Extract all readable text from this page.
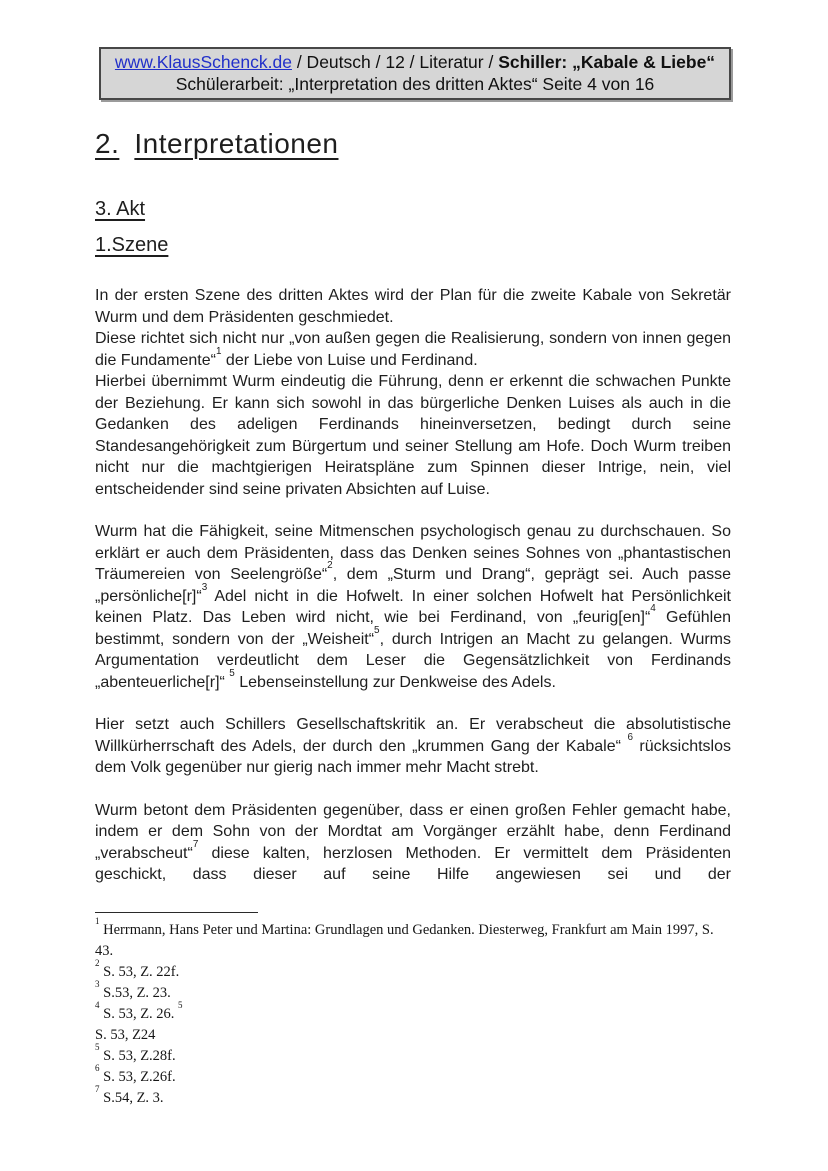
www.KlausSchenck.de / Deutsch / 12 / Literatur / Schiller: „Kabale & Liebe“
Schülerarbeit: „Interpretation des dritten Aktes“ Seite 4 von 16
2. Interpretationen
3. Akt
1.Szene
In der ersten Szene des dritten Aktes wird der Plan für die zweite Kabale von Sekretär Wurm und dem Präsidenten geschmiedet.
Diese richtet sich nicht nur „von außen gegen die Realisierung, sondern von innen gegen die Fundamente“$^1$ der Liebe von Luise und Ferdinand.
Hierbei übernimmt Wurm eindeutig die Führung, denn er erkennt die schwachen Punkte der Beziehung. Er kann sich sowohl in das bürgerliche Denken Luises als auch in die Gedanken des adeligen Ferdinands hineinversetzen, bedingt durch seine Standesangehörigkeit zum Bürgertum und seiner Stellung am Hofe. Doch Wurm treiben nicht nur die machtgierigen Heiratspläne zum Spinnen dieser Intrige, nein, viel entscheidender sind seine privaten Absichten auf Luise.
Wurm hat die Fähigkeit, seine Mitmenschen psychologisch genau zu durchschauen. So erklärt er auch dem Präsidenten, dass das Denken seines Sohnes von „phantastischen Träumereien von Seelengröße“$^2$, dem „Sturm und Drang“, geprägt sei. Auch passe „persönliche[r]“$^3$ Adel nicht in die Hofwelt. In einer solchen Hofwelt hat Persönlichkeit keinen Platz. Das Leben wird nicht, wie bei Ferdinand, von „feurig[en]“$^4$ Gefühlen bestimmt, sondern von der „Weisheit“$^5$, durch Intrigen an Macht zu gelangen. Wurms Argumentation verdeutlicht dem Leser die Gegensätzlichkeit von Ferdinands „abenteuerliche[r]“ $^5$ Lebenseinstellung zur Denkweise des Adels.
Hier setzt auch Schillers Gesellschaftskritik an. Er verabscheut die absolutistische Willkürherrschaft des Adels, der durch den „krummen Gang der Kabale“ $^6$ rücksichtslos dem Volk gegenüber nur gierig nach immer mehr Macht strebt.
Wurm betont dem Präsidenten gegenüber, dass er einen großen Fehler gemacht habe, indem er dem Sohn von der Mordtat am Vorgänger erzählt habe, denn Ferdinand „verabscheut“$^7$ diese kalten, herzlosen Methoden. Er vermittelt dem Präsidenten geschickt, dass dieser auf seine Hilfe angewiesen sei und der
$^1$ Herrmann, Hans Peter und Martina: Grundlagen und Gedanken. Diesterweg, Frankfurt am Main 1997, S. 43.
$^2$ S. 53, Z. 22f.
$^3$ S.53, Z. 23.
$^4$ S. 53, Z. 26. $^5$
S. 53, Z24
$^5$ S. 53, Z.28f.
$^6$ S. 53, Z.26f.
$^7$ S.54, Z. 3.
